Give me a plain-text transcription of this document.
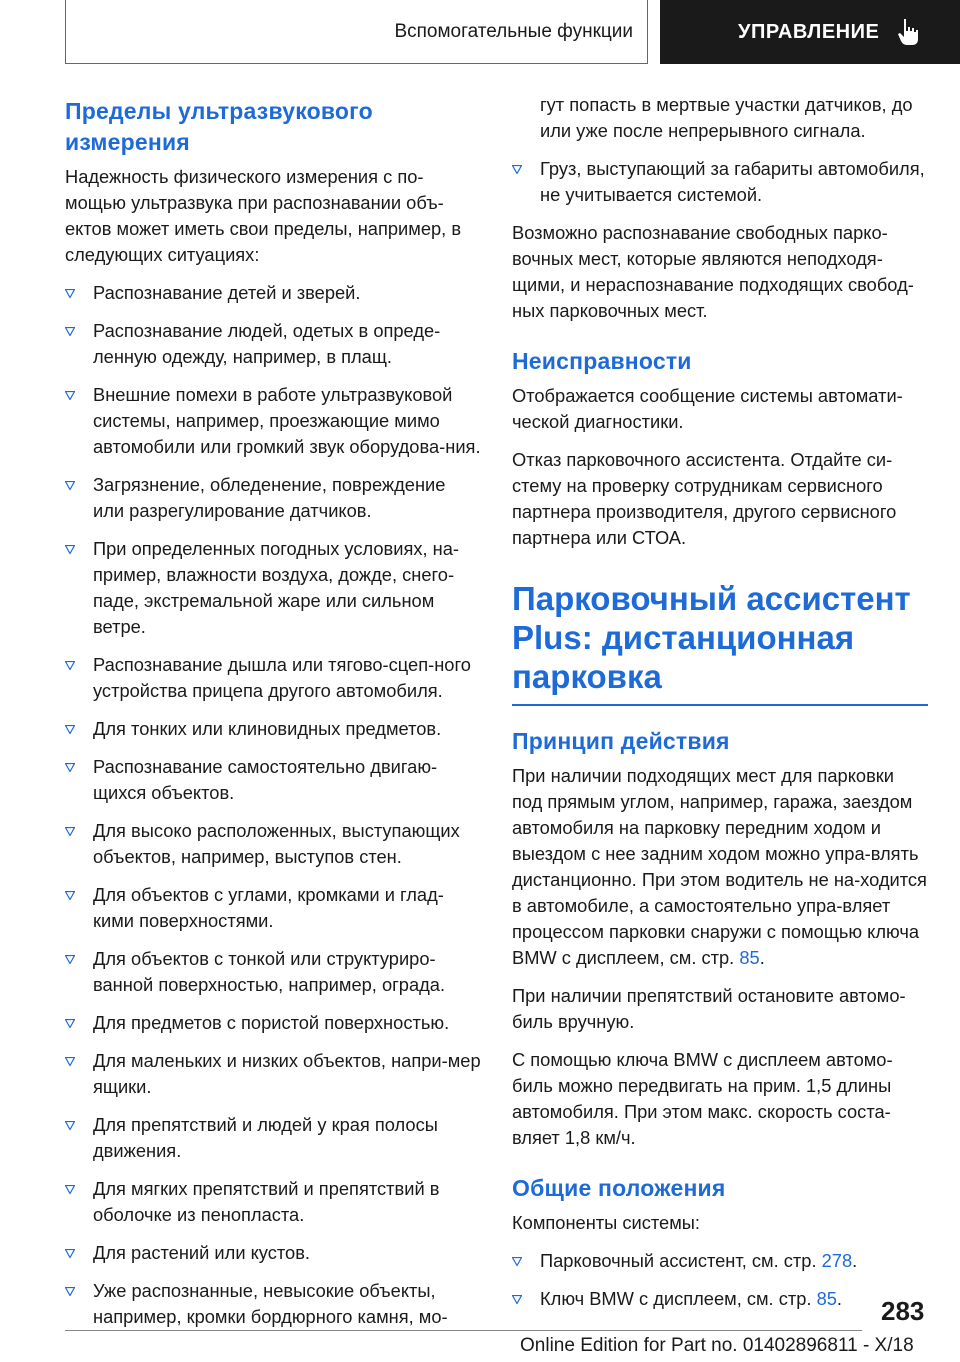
Вспомогательные функции	УПРАВЛЕНИЕ
Пределы ультразвукового измерения

Надежность физического измерения с по-мощью ультразвука при распознавании объ-ектов может иметь свои пределы, например, в следующих ситуациях:

Распознавание детей и зверей.
Распознавание людей, одетых в опреде-ленную одежду, например, в плащ.
Внешние помехи в работе ультразвуковой системы, например, проезжающие мимо автомобили или громкий звук оборудова-ния.
Загрязнение, обледенение, повреждение или разрегулирование датчиков.
При определенных погодных условиях, на-пример, влажности воздуха, дожде, снего-паде, экстремальной жаре или сильном ветре.
Распознавание дышла или тягово-сцеп-ного устройства прицепа другого автомобиля.
Для тонких или клиновидных предметов.
Распознавание самостоятельно двигаю-щихся объектов.
Для высоко расположенных, выступающих объектов, например, выступов стен.
Для объектов с углами, кромками и глад-кими поверхностями.
Для объектов с тонкой или структуриро-ванной поверхностью, например, ограда.
Для предметов с пористой поверхностью.
Для маленьких и низких объектов, напри-мер ящики.
Для препятствий и людей у края полосы движения.
Для мягких препятствий и препятствий в оболочке из пенопласта.
Для растений или кустов.
Уже распознанные, невысокие объекты, например, кромки бордюрного камня, мо-

гут попасть в мертвые участки датчиков, до или уже после непрерывного сигнала.

Груз, выступающий за габариты автомобиля, не учитывается системой.

Возможно распознавание свободных парко-вочных мест, которые являются неподходя-щими, и нераспознавание подходящих свобод-ных парковочных мест.

Неисправности

Отображается сообщение системы автомати-ческой диагностики.

Отказ парковочного ассистента. Отдайте си-стему на проверку сотрудникам сервисного партнера производителя, другого сервисного партнера или СТОА.

Парковочный ассистент Plus: дистанционная парковка
Принцип действия

При наличии подходящих мест для парковки под прямым углом, например, гаража, заездом автомобиля на парковку передним ходом и выездом с нее задним ходом можно упра-влять дистанционно. При этом водитель не на-ходится в автомобиле, а самостоятельно упра-вляет процессом парковки снаружи с помощью ключа BMW с дисплеем, см. стр. 85.

При наличии препятствий остановите автомо-биль вручную.

С помощью ключа BMW с дисплеем автомо-биль можно передвигать на прим. 1,5 длины автомобиля. При этом макс. скорость соста-вляет 1,8 км/ч.

Общие положения

Компоненты системы:

Парковочный ассистент, см. стр. 278.
Ключ BMW с дисплеем, см. стр. 85.	283
Online Edition for Part no. 01402896811 - X/18
